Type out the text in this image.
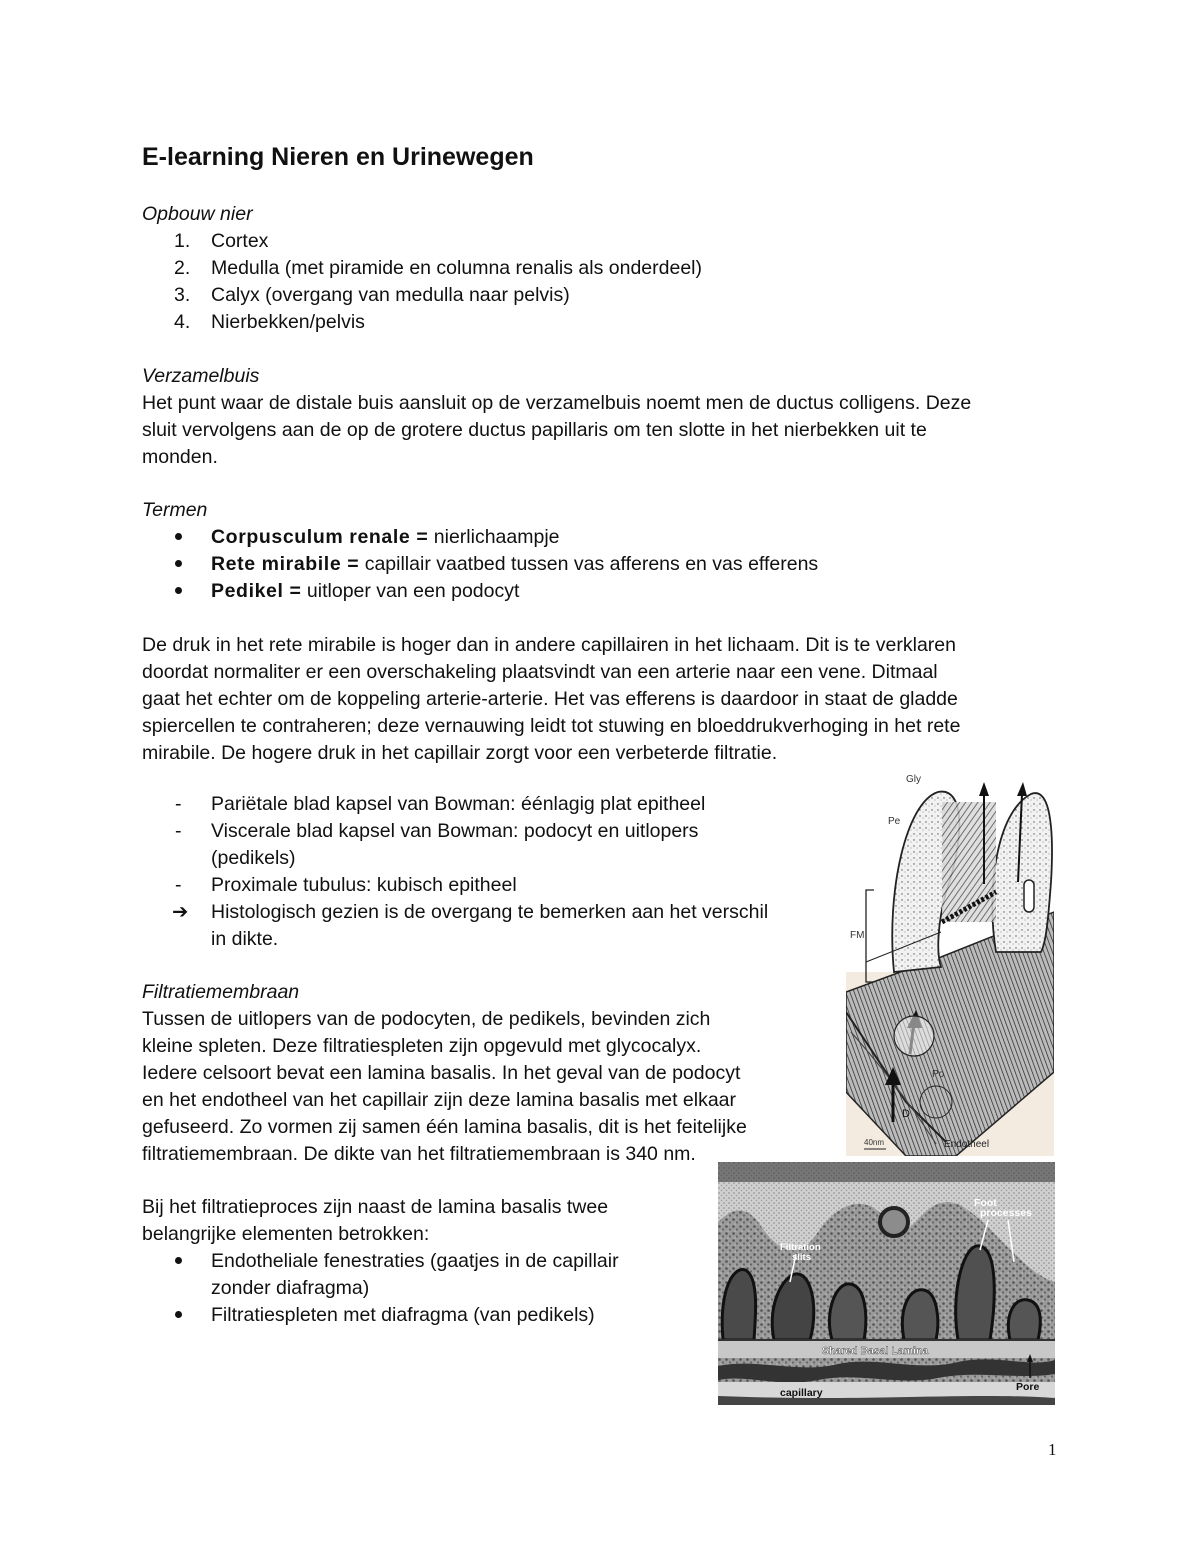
E-learning Nieren en Urinewegen
Opbouw nier
1.	Cortex
2.	Medulla (met piramide en columna renalis als onderdeel)
3.	Calyx (overgang van medulla naar pelvis)
4.	Nierbekken/pelvis
Verzamelbuis
Het punt waar de distale buis aansluit op de verzamelbuis noemt men de ductus colligens. Deze
sluit vervolgens aan de op de grotere ductus papillaris om ten slotte in het nierbekken uit te
monden.
Termen
Corpusculum renale = nierlichaampje
Rete mirabile = capillair vaatbed tussen vas afferens en vas efferens
Pedikel = uitloper van een podocyt
De druk in het rete mirabile is hoger dan in andere capillairen in het lichaam. Dit is te verklaren
doordat normaliter er een overschakeling plaatsvindt van een arterie naar een vene. Ditmaal
gaat het echter om de koppeling arterie-arterie. Het vas efferens is daardoor in staat de gladde
spiercellen te contraheren; deze vernauwing leidt tot stuwing en bloeddrukverhoging in het rete
mirabile. De hogere druk in het capillair zorgt voor een verbeterde filtratie.
-	Pariëtale blad kapsel van Bowman: éénlagig plat epitheel
-	Viscerale blad kapsel van Bowman: podocyt en uitlopers
(pedikels)
-	Proximale tubulus: kubisch epitheel
➔ Histologisch gezien is de overgang te bemerken aan het verschil
in dikte.
Filtratiemembraan
Tussen de uitlopers van de podocyten, de pedikels, bevinden zich
kleine spleten. Deze filtratiespleten zijn opgevuld met glycocalyx.
Iedere celsoort bevat een lamina basalis. In het geval van de podocyt
en het endotheel van het capillair zijn deze lamina basalis met elkaar
gefuseerd. Zo vormen zij samen één lamina basalis, dit is het feitelijke
filtratiemembraan. De dikte van het filtratiemembraan is 340 nm.
Bij het filtratieproces zijn naast de lamina basalis twee
belangrijke elementen betrokken:
Endotheliale fenestraties (gaatjes in de capillair
zonder diafragma)
Filtratiespleten met diafragma (van pedikels)
40nm
Gly
Pe
FM
Po
D
Endotheel
Foot
processes
Filtration
slits
Shared Basal Lamina
Pore
capillary
1
